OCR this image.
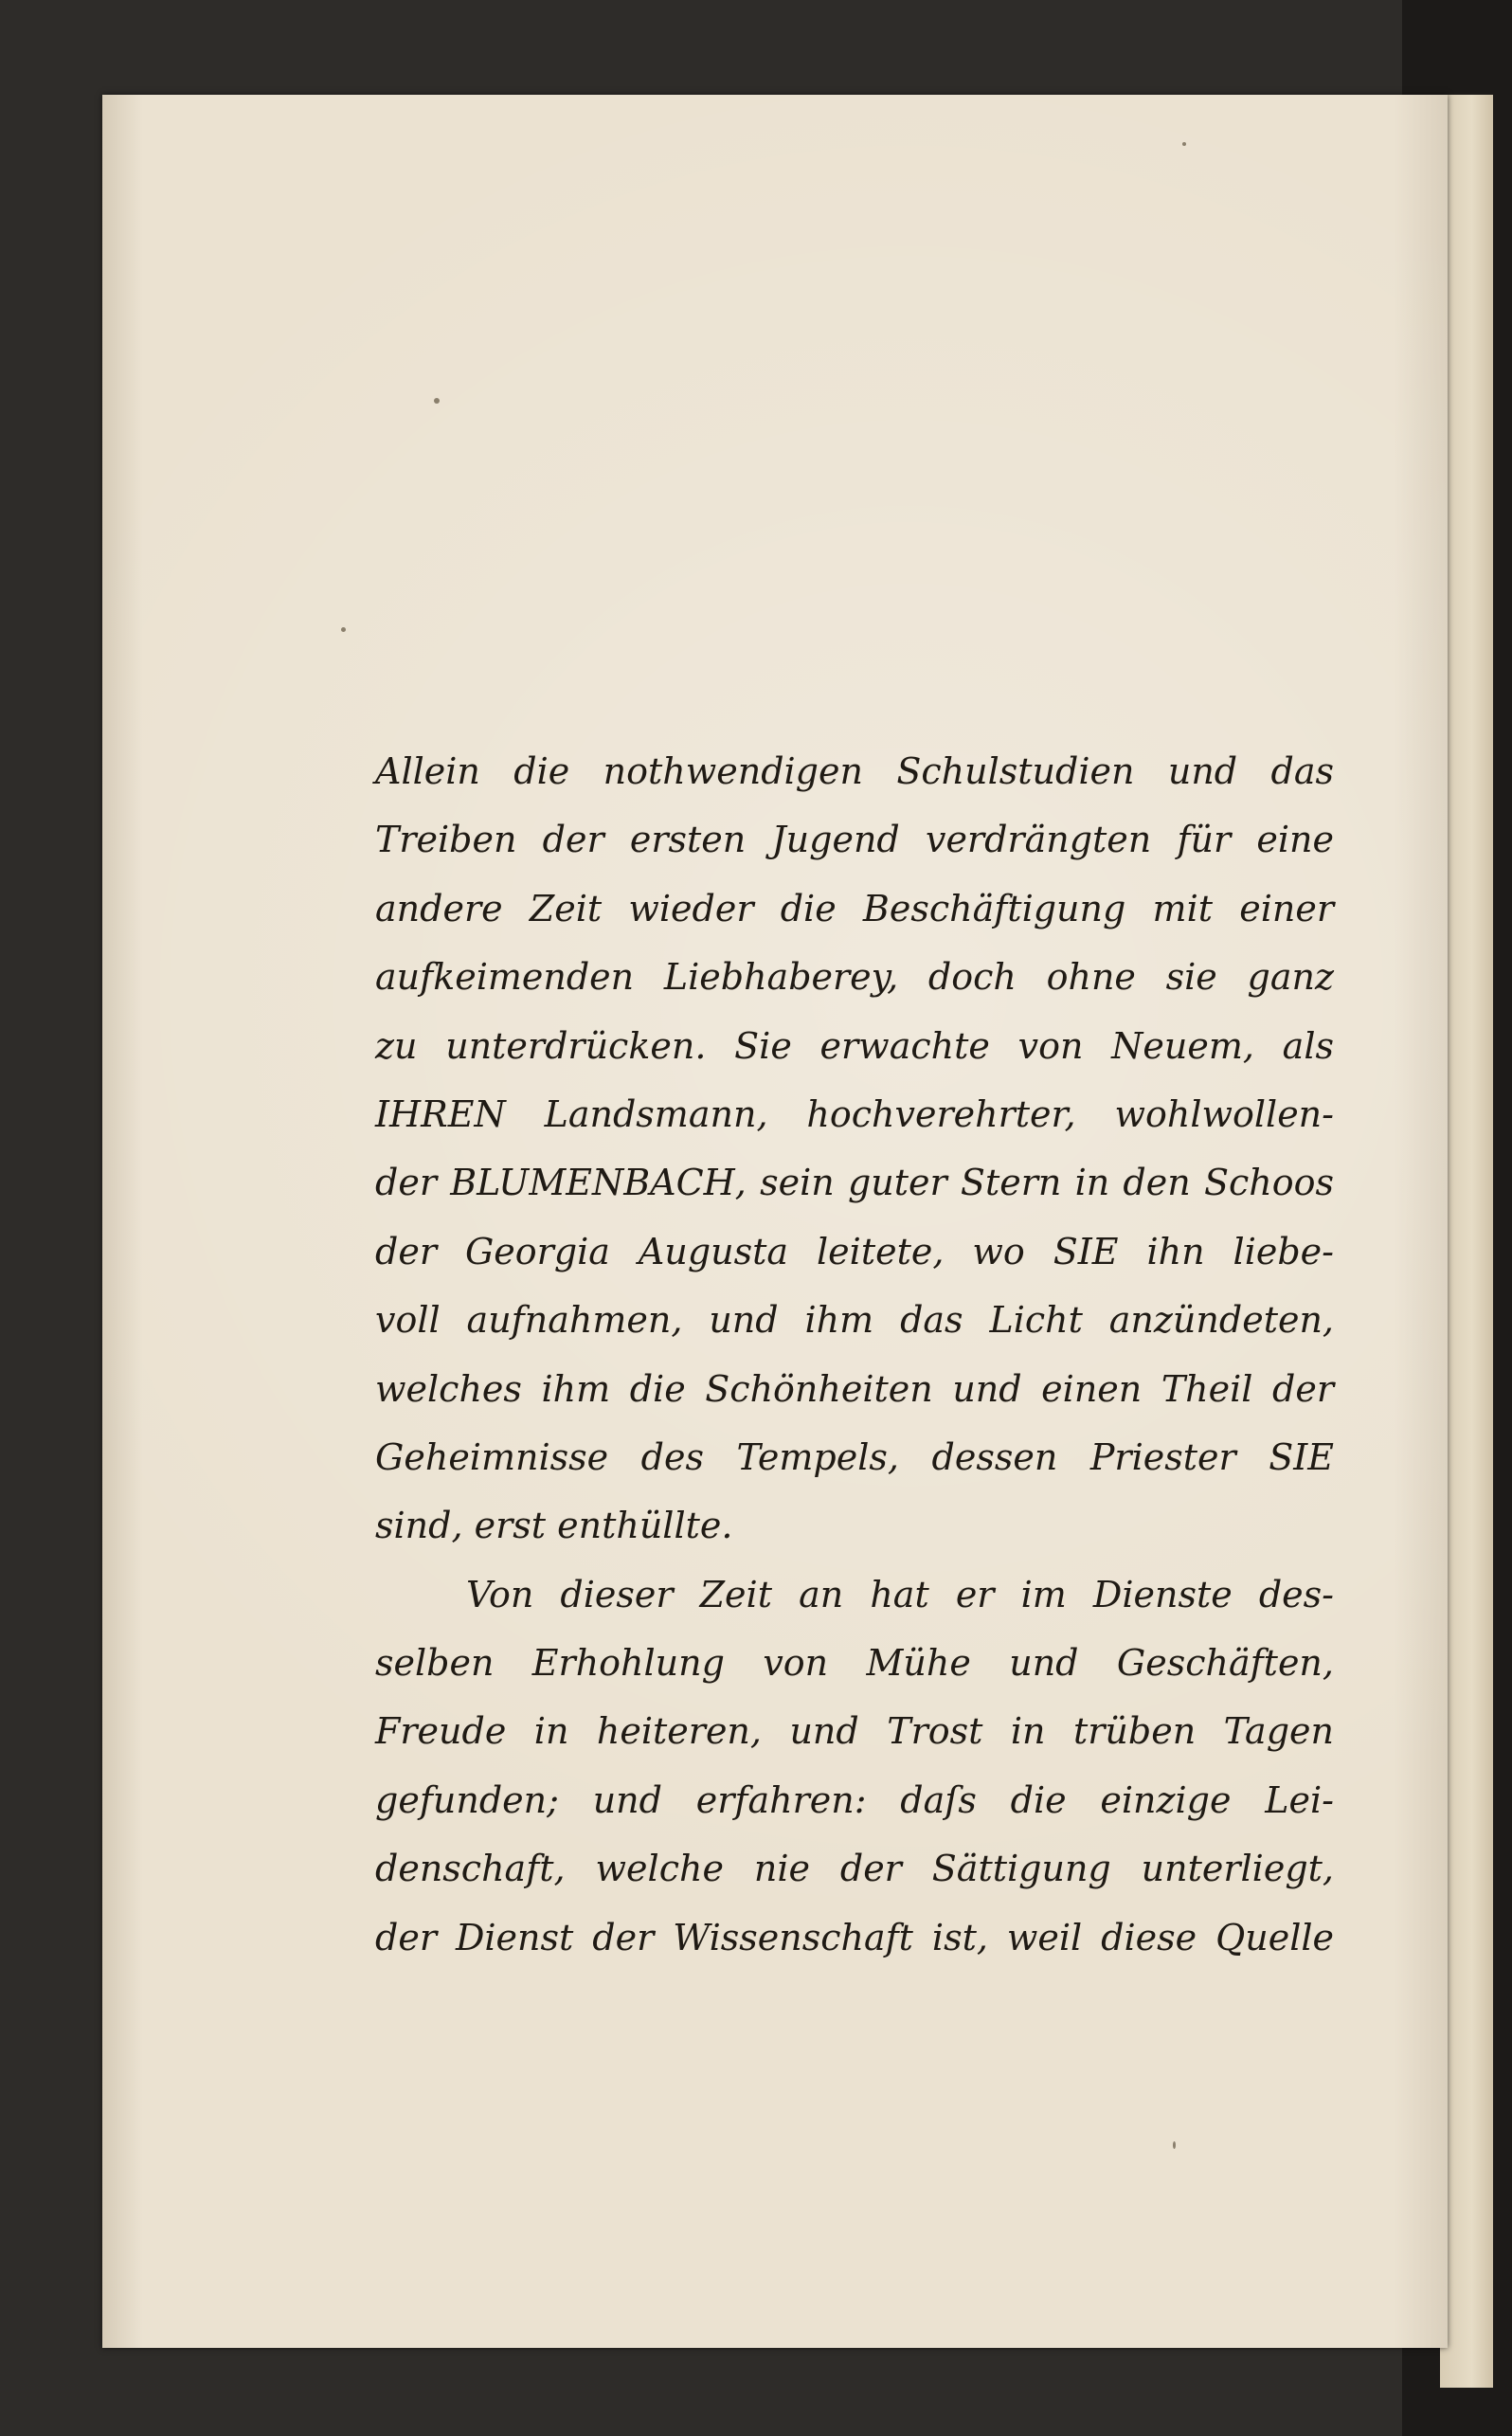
Allein die nothwendigen Schulstudien und das
Treiben der ersten Jugend verdrängten für eine
andere Zeit wieder die Beschäftigung mit einer
aufkeimenden Liebhaberey, doch ohne sie ganz
zu unterdrücken. Sie erwachte von Neuem, als
IHREN Landsmann, hochverehrter, wohlwollen-
der BLUMENBACH, sein guter Stern in den Schoos
der Georgia Augusta leitete, wo SIE ihn liebe-
voll aufnahmen, und ihm das Licht anzündeten,
welches ihm die Schönheiten und einen Theil der
Geheimnisse des Tempels, dessen Priester SIE
sind, erst enthüllte.
Von dieser Zeit an hat er im Dienste des-
selben Erhohlung von Mühe und Geschäften,
Freude in heiteren, und Trost in trüben Tagen
gefunden; und erfahren: daſs die einzige Lei-
denschaft, welche nie der Sättigung unterliegt,
der Dienst der Wissenschaft ist, weil diese Quelle
